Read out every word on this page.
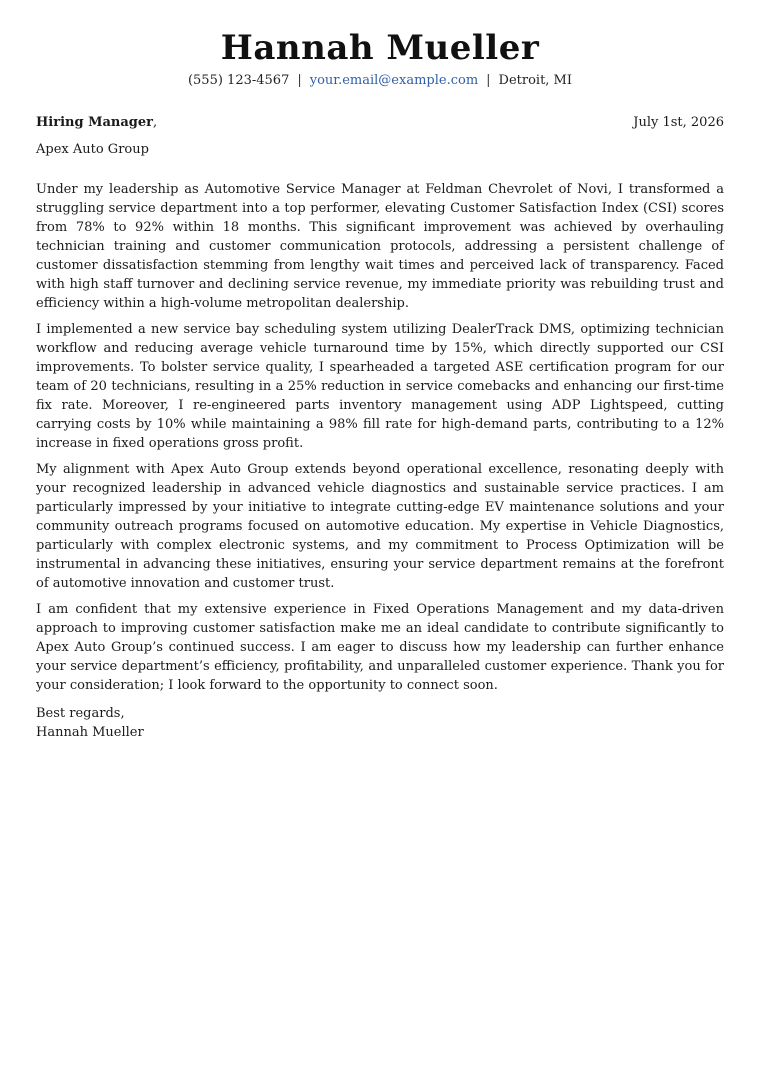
Hannah Mueller
(555) 123-4567 | your.email@example.com | Detroit, MI
Hiring Manager,	July 1st, 2026
Apex Auto Group

Under my leadership as Automotive Service Manager at Feldman Chevrolet of Novi, I transformed a struggling service department into a top performer, elevating Customer Satisfaction Index (CSI) scores from 78% to 92% within 18 months. This significant improvement was achieved by overhauling technician training and customer communication protocols, addressing a persistent challenge of customer dissatisfaction stemming from lengthy wait times and perceived lack of transparency. Faced with high staff turnover and declining service revenue, my immediate priority was rebuilding trust and efficiency within a high-volume metropolitan dealership.

I implemented a new service bay scheduling system utilizing DealerTrack DMS, optimizing technician workflow and reducing average vehicle turnaround time by 15%, which directly supported our CSI improvements. To bolster service quality, I spearheaded a targeted ASE certification program for our team of 20 technicians, resulting in a 25% reduction in service comebacks and enhancing our first-time fix rate. Moreover, I re-engineered parts inventory management using ADP Lightspeed, cutting carrying costs by 10% while maintaining a 98% fill rate for high-demand parts, contributing to a 12% increase in fixed operations gross profit.

My alignment with Apex Auto Group extends beyond operational excellence, resonating deeply with your recognized leadership in advanced vehicle diagnostics and sustainable service practices. I am particularly impressed by your initiative to integrate cutting-edge EV maintenance solutions and your community outreach programs focused on automotive education. My expertise in Vehicle Diagnostics, particularly with complex electronic systems, and my commitment to Process Optimization will be instrumental in advancing these initiatives, ensuring your service department remains at the forefront of automotive innovation and customer trust.

I am confident that my extensive experience in Fixed Operations Management and my data-driven approach to improving customer satisfaction make me an ideal candidate to contribute significantly to Apex Auto Group’s continued success. I am eager to discuss how my leadership can further enhance your service department’s efficiency, profitability, and unparalleled customer experience. Thank you for your consideration; I look forward to the opportunity to connect soon.

Best regards,
Hannah Mueller
